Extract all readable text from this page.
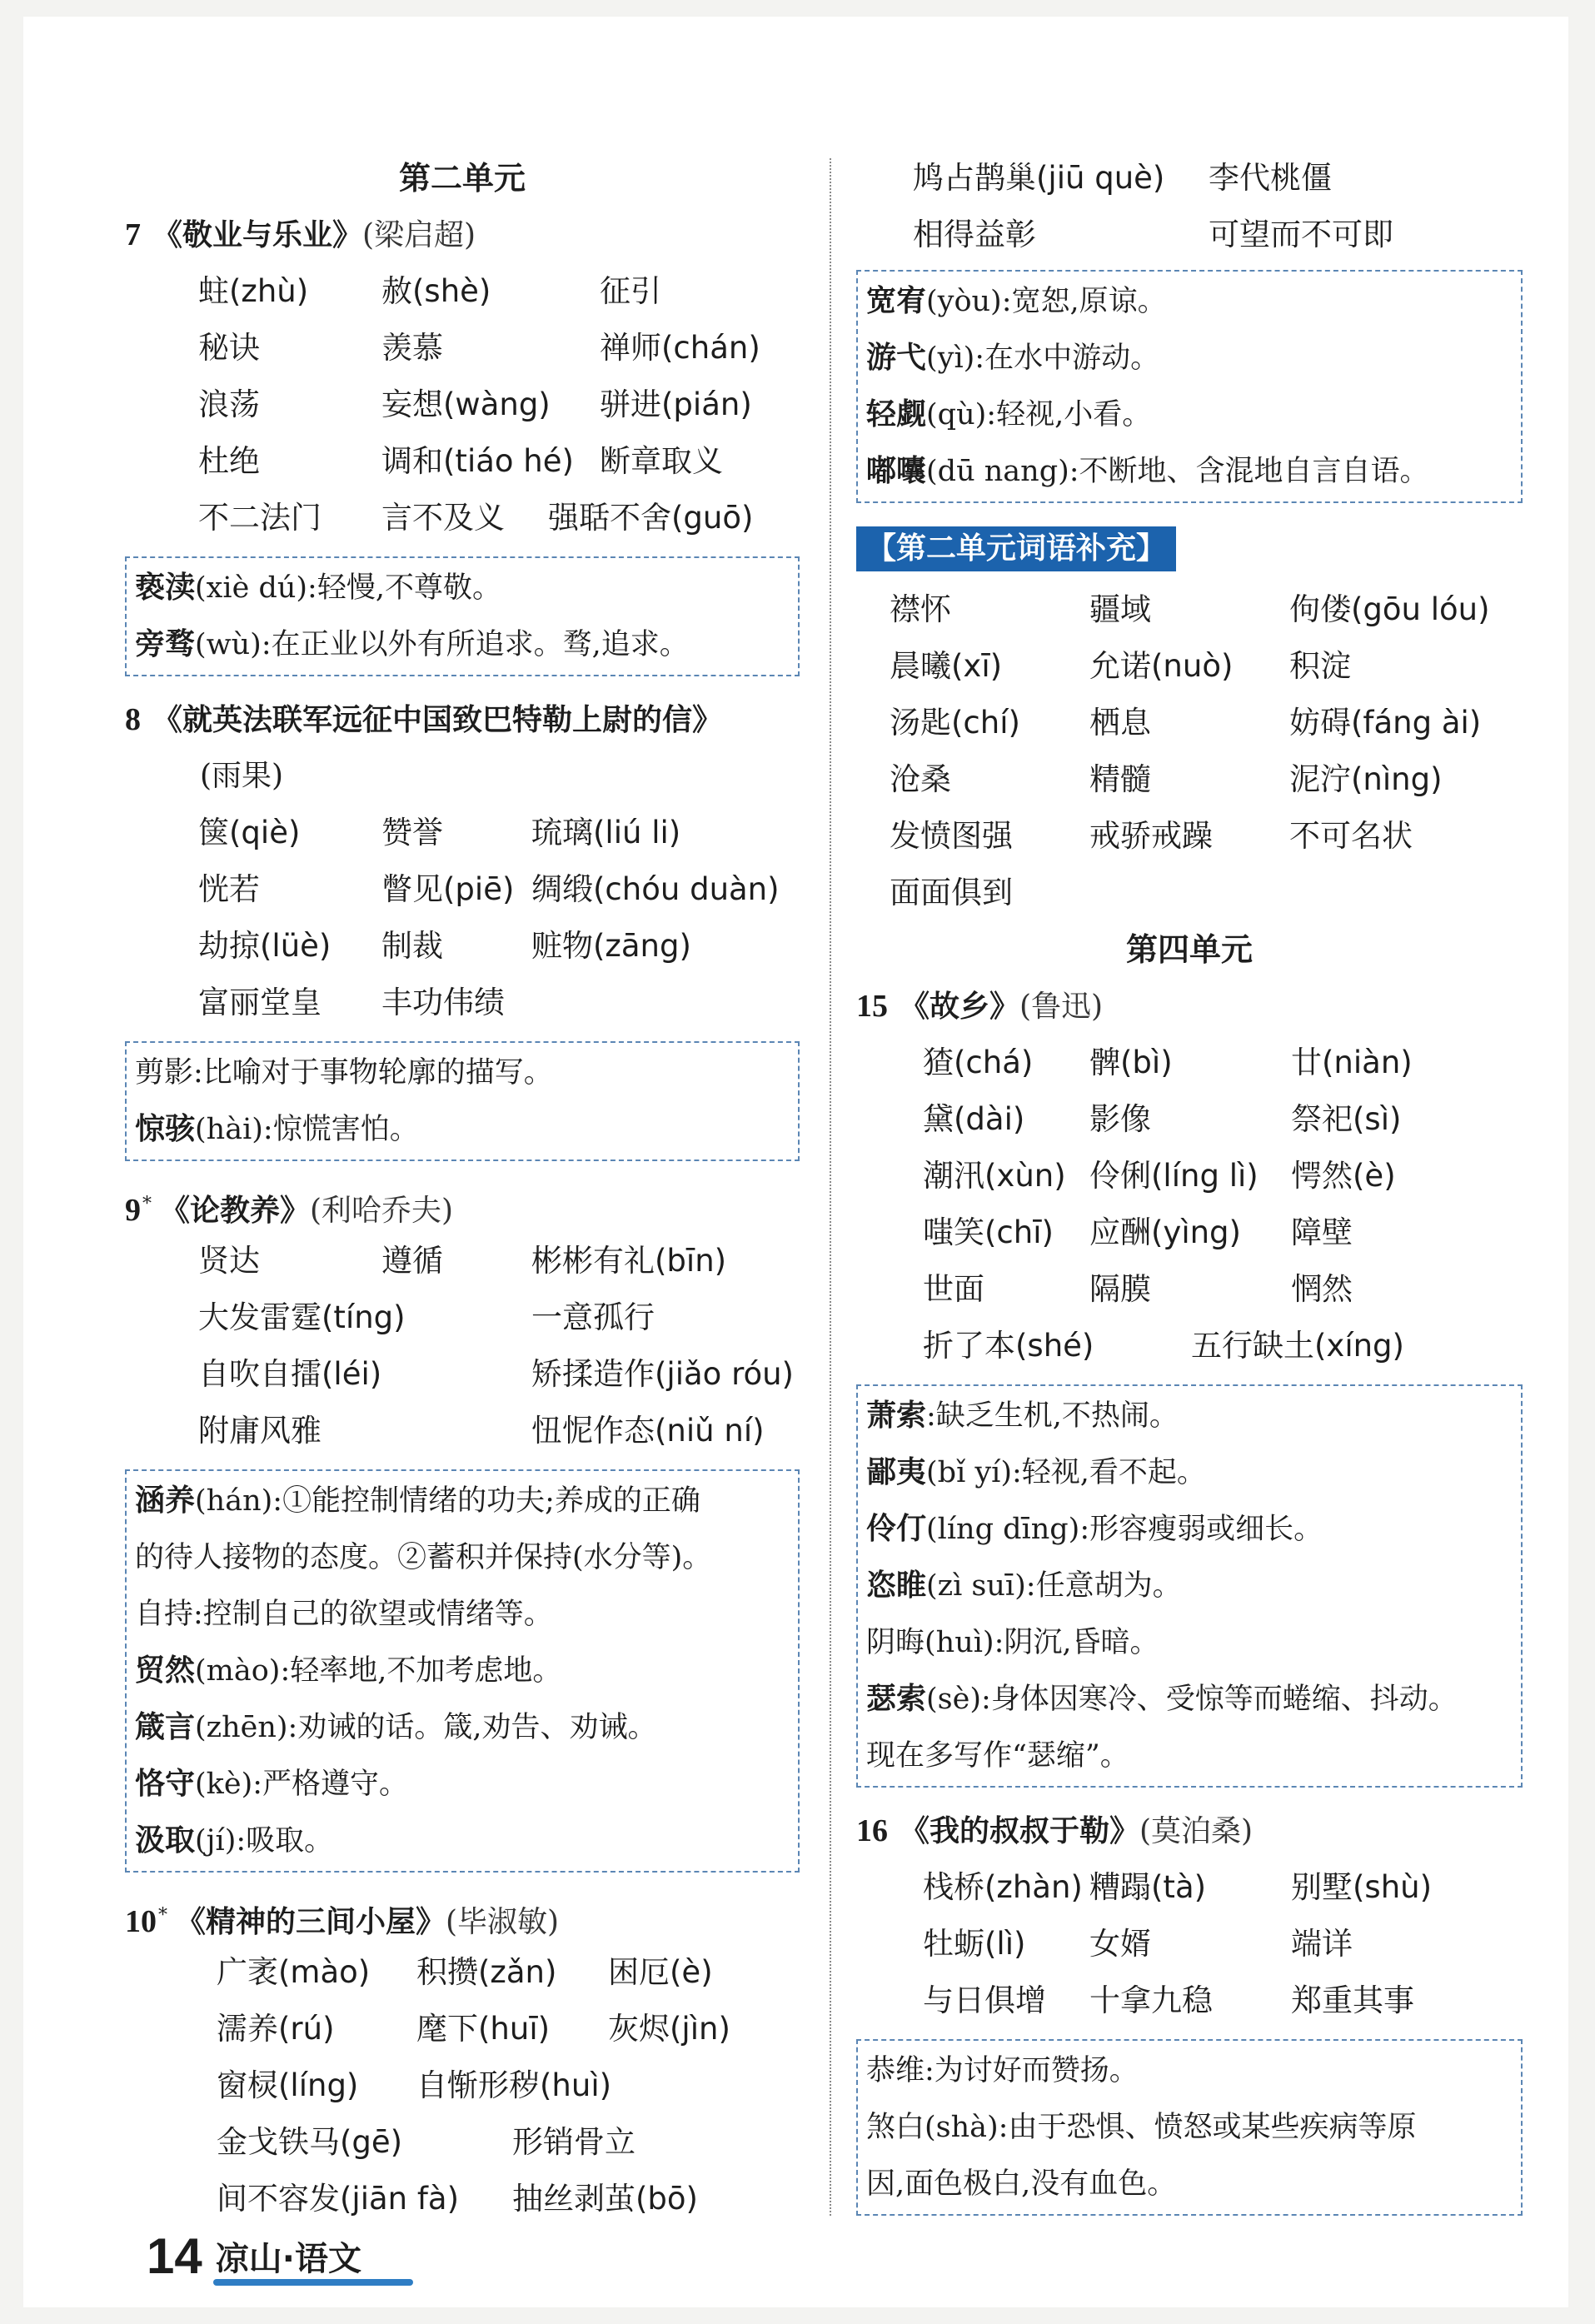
第二单元
7 《敬业与乐业》(梁启超)
蛀(zhù)	赦(shè)	征引
秘诀	羡慕	禅师(chán)
浪荡	妄想(wàng)	骈进(pián)
杜绝	调和(tiáo hé) 断章取义
不二法门	言不及义	强聒不舍(guō)
亵渎(xiè dú):轻慢,不尊敬。
旁骛(wù):在正业以外有所追求。骛,追求。
8 《就英法联军远征中国致巴特勒上尉的信》
(雨果)
箧(qiè)	赞誉	琉璃(liú li)
恍若	瞥见(piē) 绸缎(chóu duàn)
劫掠(lüè)	制裁	赃物(zāng)
富丽堂皇	丰功伟绩
剪影:比喻对于事物轮廓的描写。
惊骇(hài):惊慌害怕。
9* 《论教养》(利哈乔夫)
贤达	遵循	彬彬有礼(bīn)
大发雷霆(tíng)	一意孤行
自吹自擂(léi)	矫揉造作(jiǎo róu)
附庸风雅	忸怩作态(niǔ ní)
涵养(hán):①能控制情绪的功夫;养成的正确
的待人接物的态度。②蓄积并保持(水分等)。
自持:控制自己的欲望或情绪等。
贸然(mào):轻率地,不加考虑地。
箴言(zhēn):劝诫的话。箴,劝告、劝诫。
恪守(kè):严格遵守。
汲取(jí):吸取。
10* 《精神的三间小屋》(毕淑敏)
广袤(mào)	积攒(zǎn)	困厄(è)
濡养(rú)	麾下(huī)	灰烬(jìn)
窗棂(líng)	自惭形秽(huì)
金戈铁马(gē)	形销骨立
间不容发(jiān fà)	抽丝剥茧(bō)
鸠占鹊巢(jiū què)	李代桃僵
相得益彰	可望而不可即
宽宥(yòu):宽恕,原谅。
游弋(yì):在水中游动。
轻觑(qù):轻视,小看。
嘟囔(dū nang):不断地、含混地自言自语。
【第二单元词语补充】
襟怀	疆域	佝偻(gōu lóu)
晨曦(xī)	允诺(nuò)	积淀
汤匙(chí)	栖息	妨碍(fáng ài)
沧桑	精髓	泥泞(nìng)
发愤图强	戒骄戒躁	不可名状
面面俱到
第四单元
15 《故乡》(鲁迅)
猹(chá)	髀(bì)	廿(niàn)
黛(dài)	影像	祭祀(sì)
潮汛(xùn) 伶俐(líng lì)	愕然(è)
嗤笑(chī)	应酬(yìng)	障壁
世面	隔膜	惘然
折了本(shé)	五行缺土(xíng)
萧索:缺乏生机,不热闹。
鄙夷(bǐ yí):轻视,看不起。
伶仃(líng dīng):形容瘦弱或细长。
恣睢(zì suī):任意胡为。
阴晦(huì):阴沉,昏暗。
瑟索(sè):身体因寒冷、受惊等而蜷缩、抖动。
现在多写作“瑟缩”。
16 《我的叔叔于勒》(莫泊桑)
栈桥(zhàn) 糟蹋(tà)	别墅(shù)
牡蛎(lì)	女婿	端详
与日俱增	十拿九稳	郑重其事
恭维:为讨好而赞扬。
煞白(shà):由于恐惧、愤怒或某些疾病等原
因,面色极白,没有血色。
14 凉山·语文
